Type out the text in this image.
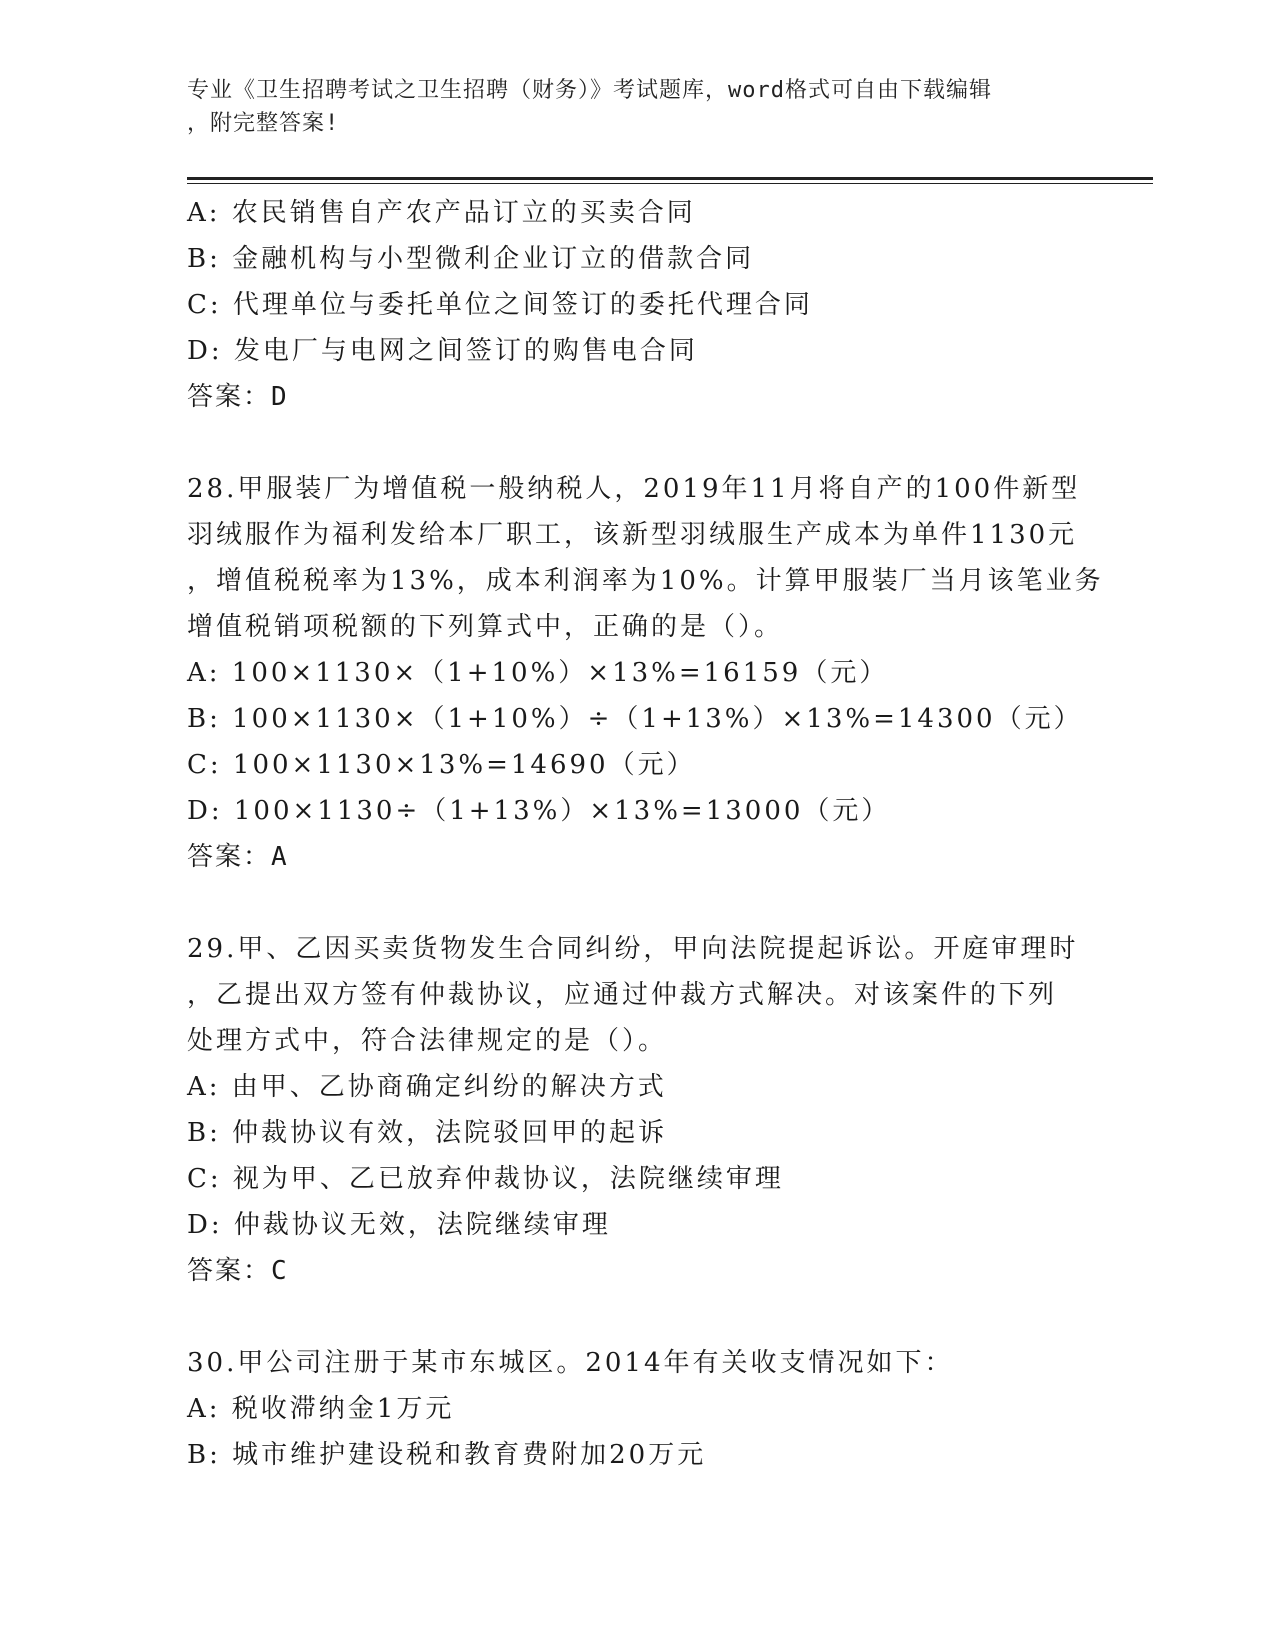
专业《卫生招聘考试之卫生招聘（财务）》考试题库，word格式可自由下载编辑
，附完整答案!
A: 农民销售自产农产品订立的买卖合同
B: 金融机构与小型微利企业订立的借款合同
C: 代理单位与委托单位之间签订的委托代理合同
D: 发电厂与电网之间签订的购售电合同
答案：D
28.甲服装厂为增值税一般纳税人，2019年11月将自产的100件新型
羽绒服作为福利发给本厂职工，该新型羽绒服生产成本为单件1130元
，增值税税率为13%，成本利润率为10%。计算甲服装厂当月该笔业务
增值税销项税额的下列算式中，正确的是（）。
A: 100×1130×（1+10%）×13%=16159（元）
B: 100×1130×（1+10%）÷（1+13%）×13%=14300（元）
C: 100×1130×13%=14690（元）
D: 100×1130÷（1+13%）×13%=13000（元）
答案：A
29.甲、乙因买卖货物发生合同纠纷，甲向法院提起诉讼。开庭审理时
，乙提出双方签有仲裁协议，应通过仲裁方式解决。对该案件的下列
处理方式中，符合法律规定的是（）。
A: 由甲、乙协商确定纠纷的解决方式
B: 仲裁协议有效，法院驳回甲的起诉
C: 视为甲、乙已放弃仲裁协议，法院继续审理
D: 仲裁协议无效，法院继续审理
答案：C
30.甲公司注册于某市东城区。2014年有关收支情况如下：
A: 税收滞纳金1万元
B: 城市维护建设税和教育费附加20万元
